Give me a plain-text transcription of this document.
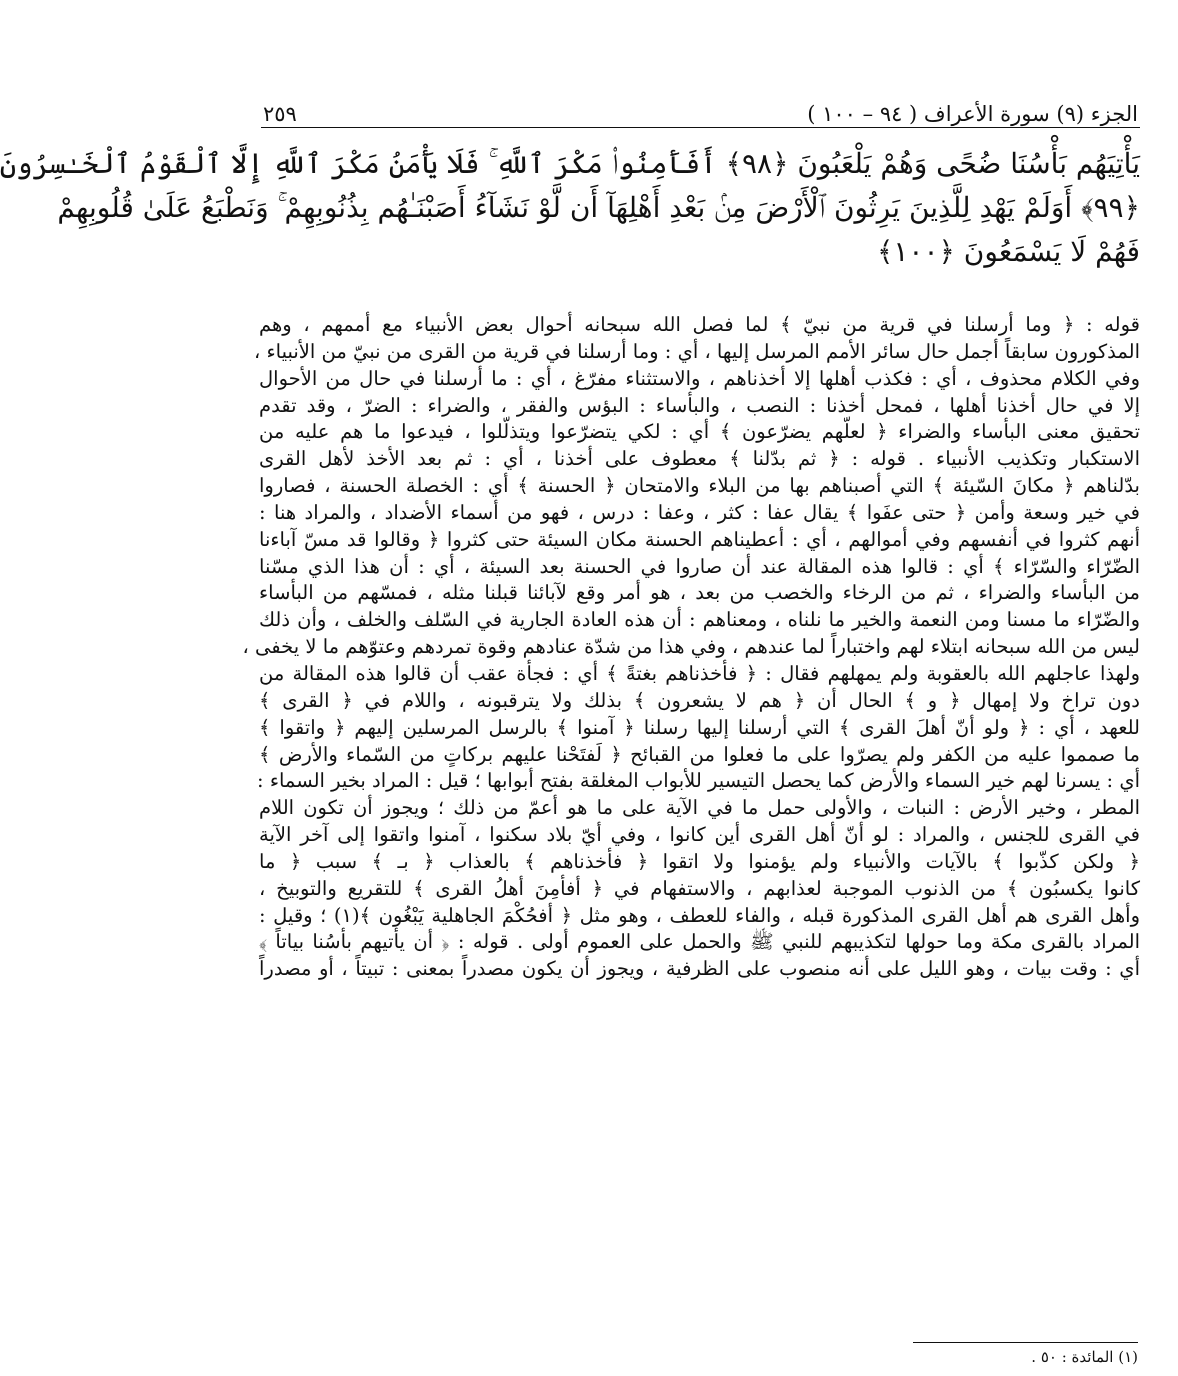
الجزء (٩) سورة الأعراف ( ٩٤ – ١٠٠ )
٢٥٩
يَأْتِيَهُم بَأْسُنَا ضُحًى وَهُمْ يَلْعَبُونَ ﴿٩٨﴾ أَفَأَمِنُوا۟ مَكْرَ ٱللَّهِ ۚ فَلَا يَأْمَنُ مَكْرَ ٱللَّهِ إِلَّا ٱلْقَوْمُ ٱلْخَـٰسِرُونَ
﴿٩٩﴾ أَوَلَمْ يَهْدِ لِلَّذِينَ يَرِثُونَ ٱلْأَرْضَ مِنۢ بَعْدِ أَهْلِهَآ أَن لَّوْ نَشَآءُ أَصَبْنَـٰهُم بِذُنُوبِهِمْ ۚ وَنَطْبَعُ عَلَىٰ قُلُوبِهِمْ
فَهُمْ لَا يَسْمَعُونَ ﴿١٠٠﴾
قوله : ﴿ وما أرسلنا في قرية من نبيّ ﴾ لما فصل الله سبحانه أحوال بعض الأنبياء مع أممهم ، وهم
المذكورون سابقاً أجمل حال سائر الأمم المرسل إليها ، أي : وما أرسلنا في قرية من القرى من نبيّ من الأنبياء ،
وفي الكلام محذوف ، أي : فكذب أهلها إلا أخذناهم ، والاستثناء مفرّغ ، أي : ما أرسلنا في حال من الأحوال
إلا في حال أخذنا أهلها ، فمحل أخذنا : النصب ، والبأساء : البؤس والفقر ، والضراء : الضرّ ، وقد تقدم
تحقيق معنى البأساء والضراء ﴿ لعلّهم يضرّعون ﴾ أي : لكي يتضرّعوا ويتذلّلوا ، فيدعوا ما هم عليه من
الاستكبار وتكذيب الأنبياء . قوله : ﴿ ثم بدّلنا ﴾ معطوف على أخذنا ، أي : ثم بعد الأخذ لأهل القرى
بدّلناهم ﴿ مكانَ السّيئة ﴾ التي أصبناهم بها من البلاء والامتحان ﴿ الحسنة ﴾ أي : الخصلة الحسنة ، فصاروا
في خير وسعة وأمن ﴿ حتى عفَوا ﴾ يقال عفا : كثر ، وعفا : درس ، فهو من أسماء الأضداد ، والمراد هنا :
أنهم كثروا في أنفسهم وفي أموالهم ، أي : أعطيناهم الحسنة مكان السيئة حتى كثروا ﴿ وقالوا قد مسّ آباءنا
الضّرّاء والسّرّاء ﴾ أي : قالوا هذه المقالة عند أن صاروا في الحسنة بعد السيئة ، أي : أن هذا الذي مسّنا
من البأساء والضراء ، ثم من الرخاء والخصب من بعد ، هو أمر وقع لآبائنا قبلنا مثله ، فمسّهم من البأساء
والضّرّاء ما مسنا ومن النعمة والخير ما نلناه ، ومعناهم : أن هذه العادة الجارية في السّلف والخلف ، وأن ذلك
ليس من الله سبحانه ابتلاء لهم واختباراً لما عندهم ، وفي هذا من شدّة عنادهم وقوة تمردهم وعتوّهم ما لا يخفى ،
ولهذا عاجلهم الله بالعقوبة ولم يمهلهم فقال : ﴿ فأخذناهم بغتةً ﴾ أي : فجأة عقب أن قالوا هذه المقالة من
دون تراخ ولا إمهال ﴿ و ﴾ الحال أن ﴿ هم لا يشعرون ﴾ بذلك ولا يترقبونه ، واللام في ﴿ القرى ﴾
للعهد ، أي : ﴿ ولو أنّ أهلَ القرى ﴾ التي أرسلنا إليها رسلنا ﴿ آمنوا ﴾ بالرسل المرسلين إليهم ﴿ واتقوا ﴾
ما صمموا عليه من الكفر ولم يصرّوا على ما فعلوا من القبائح ﴿ لَفتَحْنا عليهم بركاتٍ من السّماء والأرض ﴾
أي : يسرنا لهم خير السماء والأرض كما يحصل التيسير للأبواب المغلقة بفتح أبوابها ؛ قيل : المراد بخير السماء :
المطر ، وخير الأرض : النبات ، والأولى حمل ما في الآية على ما هو أعمّ من ذلك ؛ ويجوز أن تكون اللام
في القرى للجنس ، والمراد : لو أنّ أهل القرى أين كانوا ، وفي أيّ بلاد سكنوا ، آمنوا واتقوا إلى آخر الآية
﴿ ولكن كذّبوا ﴾ بالآيات والأنبياء ولم يؤمنوا ولا اتقوا ﴿ فأخذناهم ﴾ بالعذاب ﴿ بـ ﴾ سبب ﴿ ما
كانوا يكسبُون ﴾ من الذنوب الموجبة لعذابهم ، والاستفهام في ﴿ أفأمِنَ أهلُ القرى ﴾ للتقريع والتوبيخ ،
وأهل القرى هم أهل القرى المذكورة قبله ، والفاء للعطف ، وهو مثل ﴿ أفحُكْمَ الجاهلية يَبْغُون ﴾(١) ؛ وقيل :
المراد بالقرى مكة وما حولها لتكذيبهم للنبي ﷺ والحمل على العموم أولى . قوله : ﴿ أن يأتيهم بأسُنا بياتاً ﴾
أي : وقت بيات ، وهو الليل على أنه منصوب على الظرفية ، ويجوز أن يكون مصدراً بمعنى : تبيتاً ، أو مصدراً
(١) المائدة : ٥٠ .
